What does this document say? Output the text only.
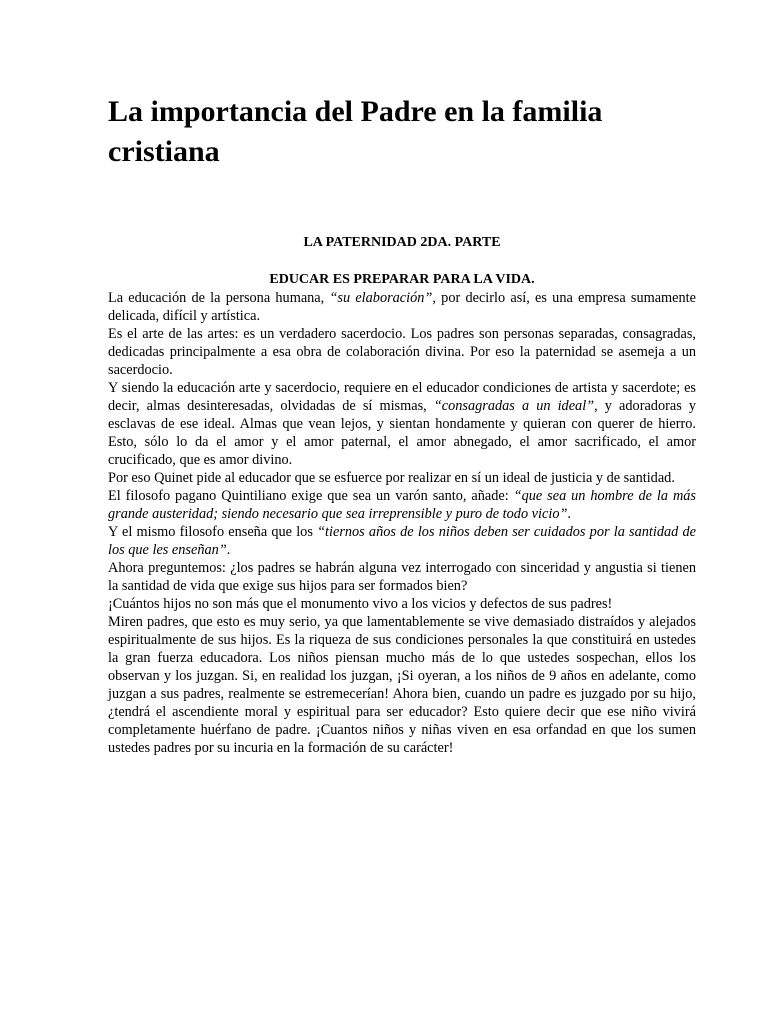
La importancia del Padre en la familia cristiana
LA PATERNIDAD 2DA. PARTE
EDUCAR ES PREPARAR PARA LA VIDA.

La educación de la persona humana, “su elaboración”, por decirlo así, es una empresa sumamente delicada, difícil y artística.

Es el arte de las artes: es un verdadero sacerdocio. Los padres son personas separadas, consagradas, dedicadas principalmente a esa obra de colaboración divina. Por eso la paternidad se asemeja a un sacerdocio.

Y siendo la educación arte y sacerdocio, requiere en el educador condiciones de artista y sacerdote; es decir, almas desinteresadas, olvidadas de sí mismas, “consagradas a un ideal”, y adoradoras y esclavas de ese ideal. Almas que vean lejos, y sientan hondamente y quieran con querer de hierro. Esto, sólo lo da el amor y el amor paternal, el amor abnegado, el amor sacrificado, el amor crucificado, que es amor divino.

Por eso Quinet pide al educador que se esfuerce por realizar en sí un ideal de justicia y de santidad.

El filosofo pagano Quintiliano exige que sea un varón santo, añade: “que sea un hombre de la más grande austeridad; siendo necesario que sea irreprensible y puro de todo vicio”.

Y el mismo filosofo enseña que los “tiernos años de los niños deben ser cuidados por la santidad de los que les enseñan”.

Ahora preguntemos: ¿los padres se habrán alguna vez interrogado con sinceridad y angustia si tienen la santidad de vida que exige sus hijos para ser formados bien?

¡Cuántos hijos no son más que el monumento vivo a los vicios y defectos de sus padres!

Miren padres, que esto es muy serio, ya que lamentablemente se vive demasiado distraídos y alejados espiritualmente de sus hijos. Es la riqueza de sus condiciones personales la que constituirá en ustedes la gran fuerza educadora. Los niños piensan mucho más de lo que ustedes sospechan, ellos los observan y los juzgan. Si, en realidad los juzgan, ¡Si oyeran, a los niños de 9 años en adelante, como juzgan a sus padres, realmente se estremecerían! Ahora bien, cuando un padre es juzgado por su hijo, ¿tendrá el ascendiente moral y espiritual para ser educador? Esto quiere decir que ese niño vivirá completamente huérfano de padre. ¡Cuantos niños y niñas viven en esa orfandad en que los sumen ustedes padres por su incuria en la formación de su carácter!
